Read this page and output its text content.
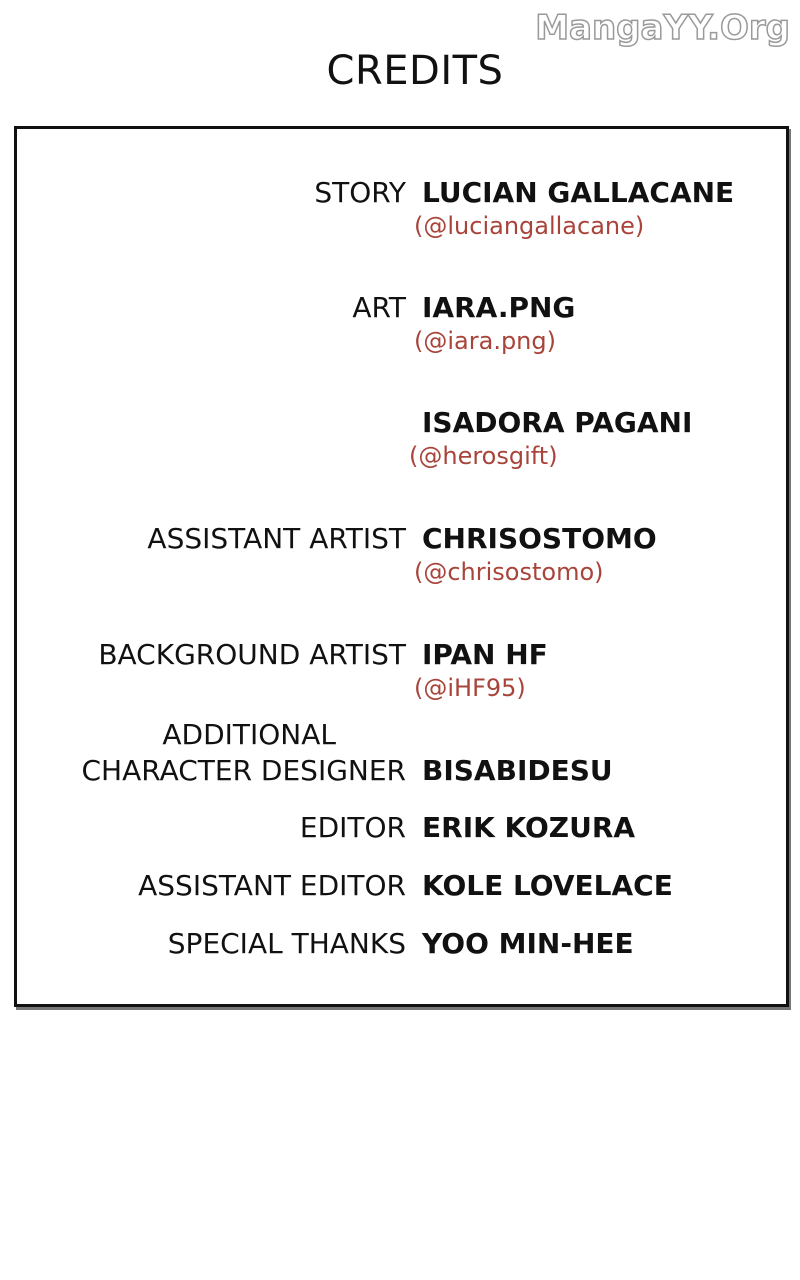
MangaYY.Org
CREDITS
STORY LUCIAN GALLACANE
(@luciangallacane)
ART IARA.PNG
(@iara.png)
ISADORA PAGANI
(@herosgift)
ASSISTANT ARTIST CHRISOSTOMO
(@chrisostomo)
BACKGROUND ARTIST IPAN HF
(@iHF95)
ADDITIONAL
CHARACTER DESIGNER BISABIDESU
EDITOR ERIK KOZURA
ASSISTANT EDITOR KOLE LOVELACE
SPECIAL THANKS YOO MIN-HEE
